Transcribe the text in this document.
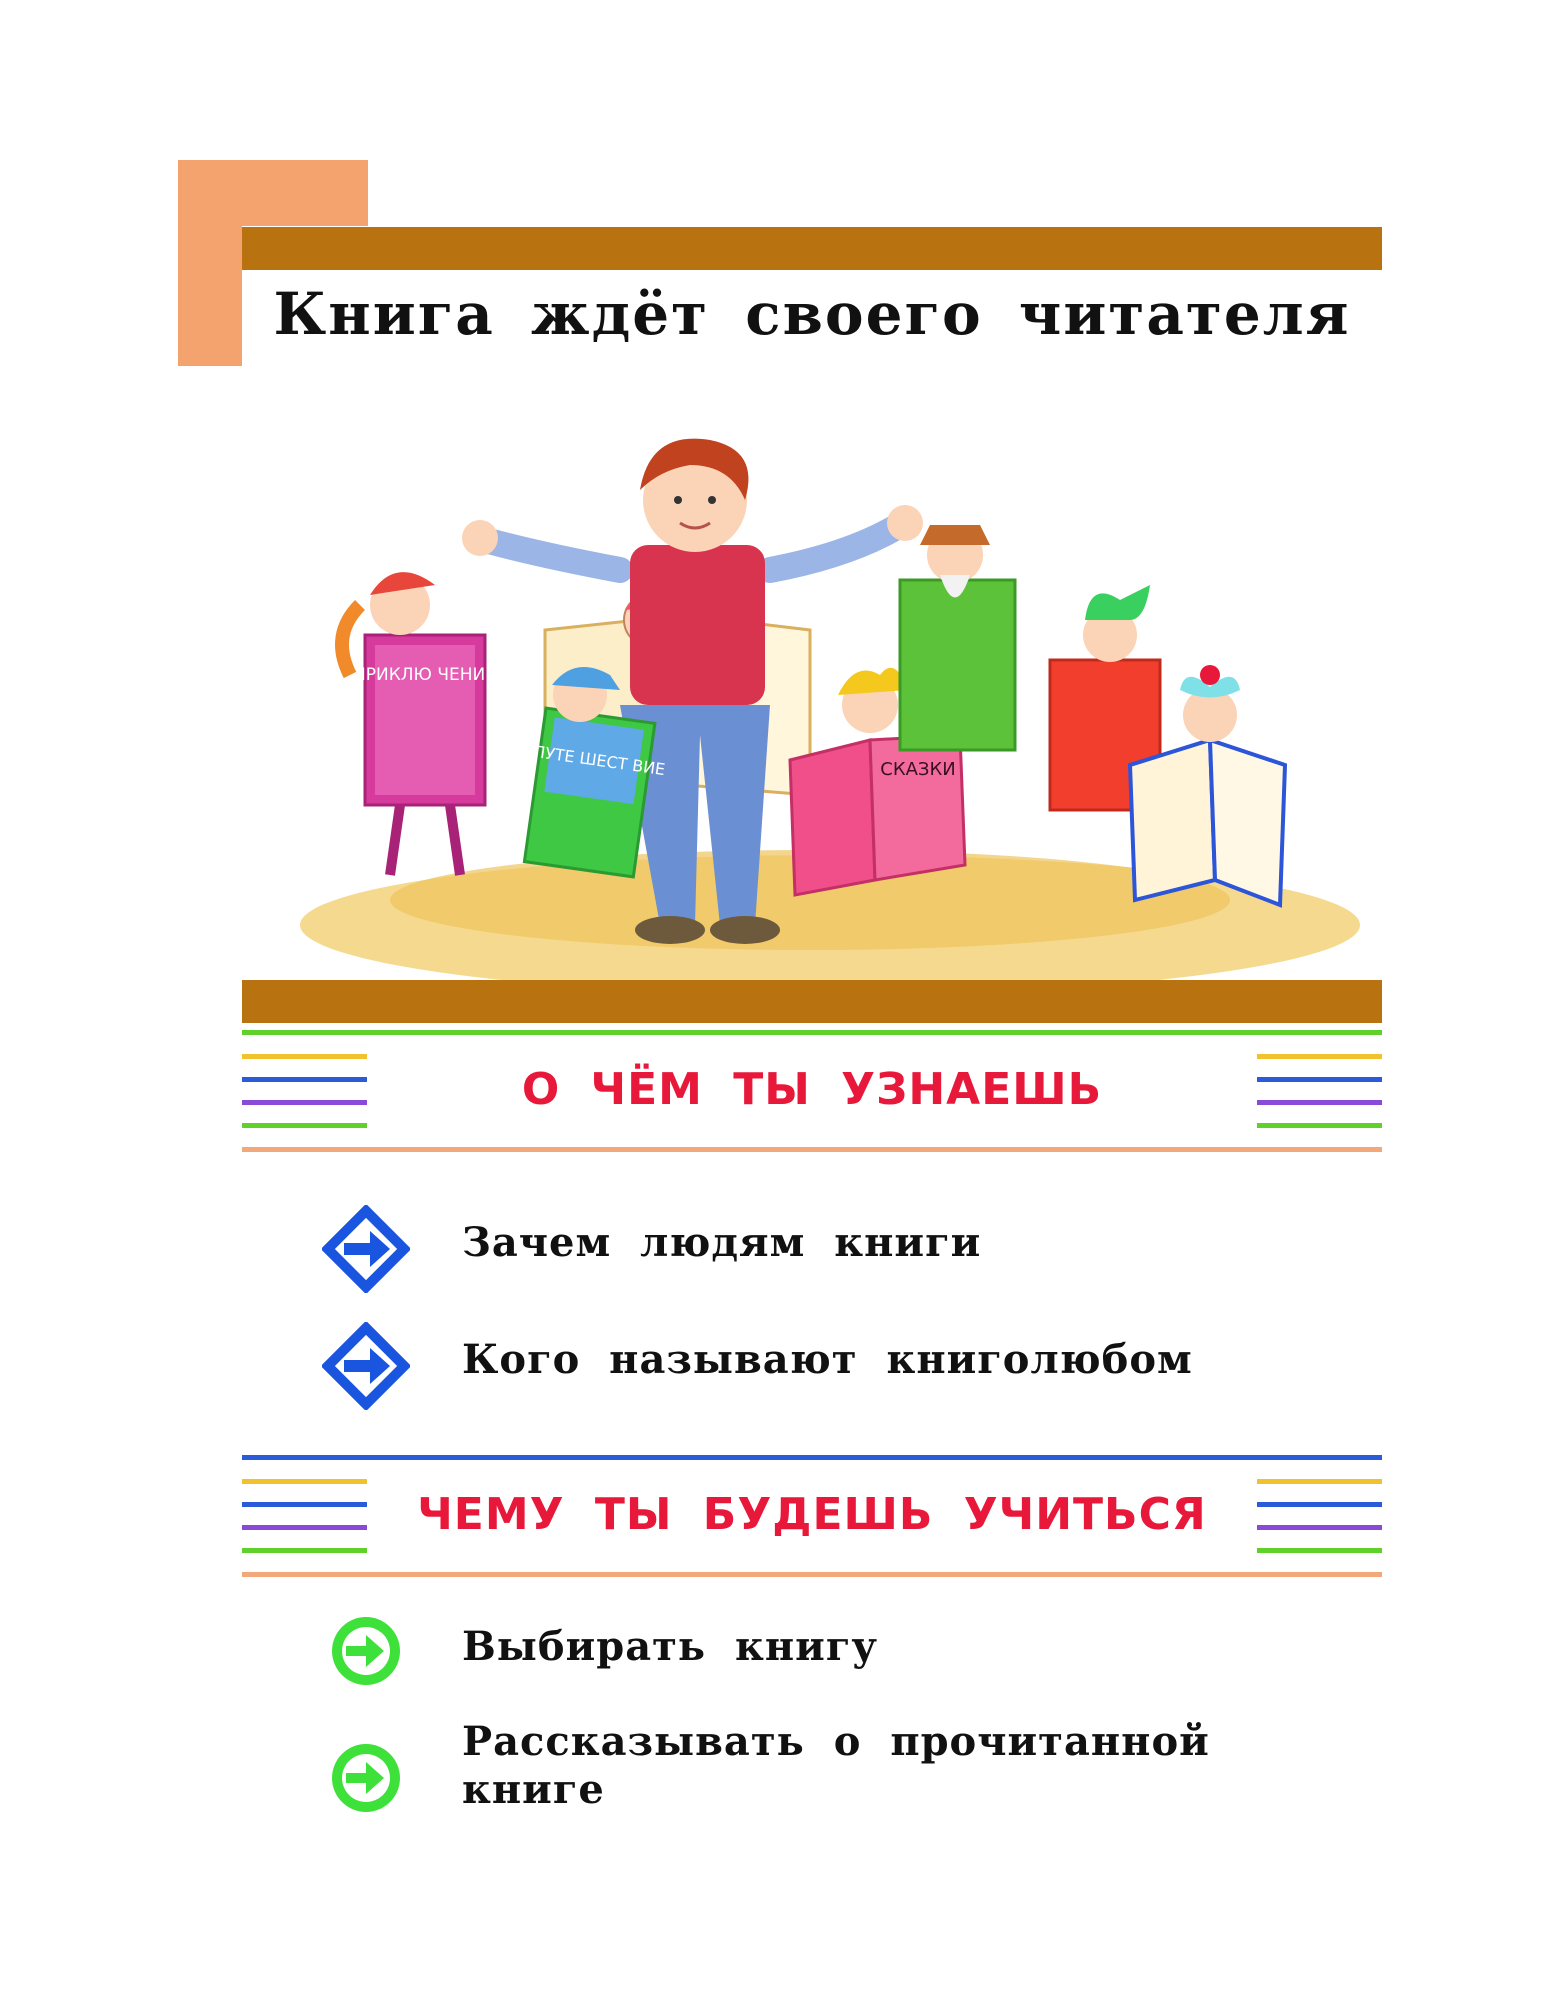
Книга ждёт своего читателя
ПРИКЛЮ ЧЕНИЯ
ПУТЕ ШЕСТ ВИЕ	СКАЗКИ
О ЧЁМ ТЫ УЗНАЕШЬ
Зачем людям книги
Кого называют книголюбом
ЧЕМУ ТЫ БУДЕШЬ УЧИТЬСЯ
Выбирать книгу
Рассказывать о прочитанной книге
